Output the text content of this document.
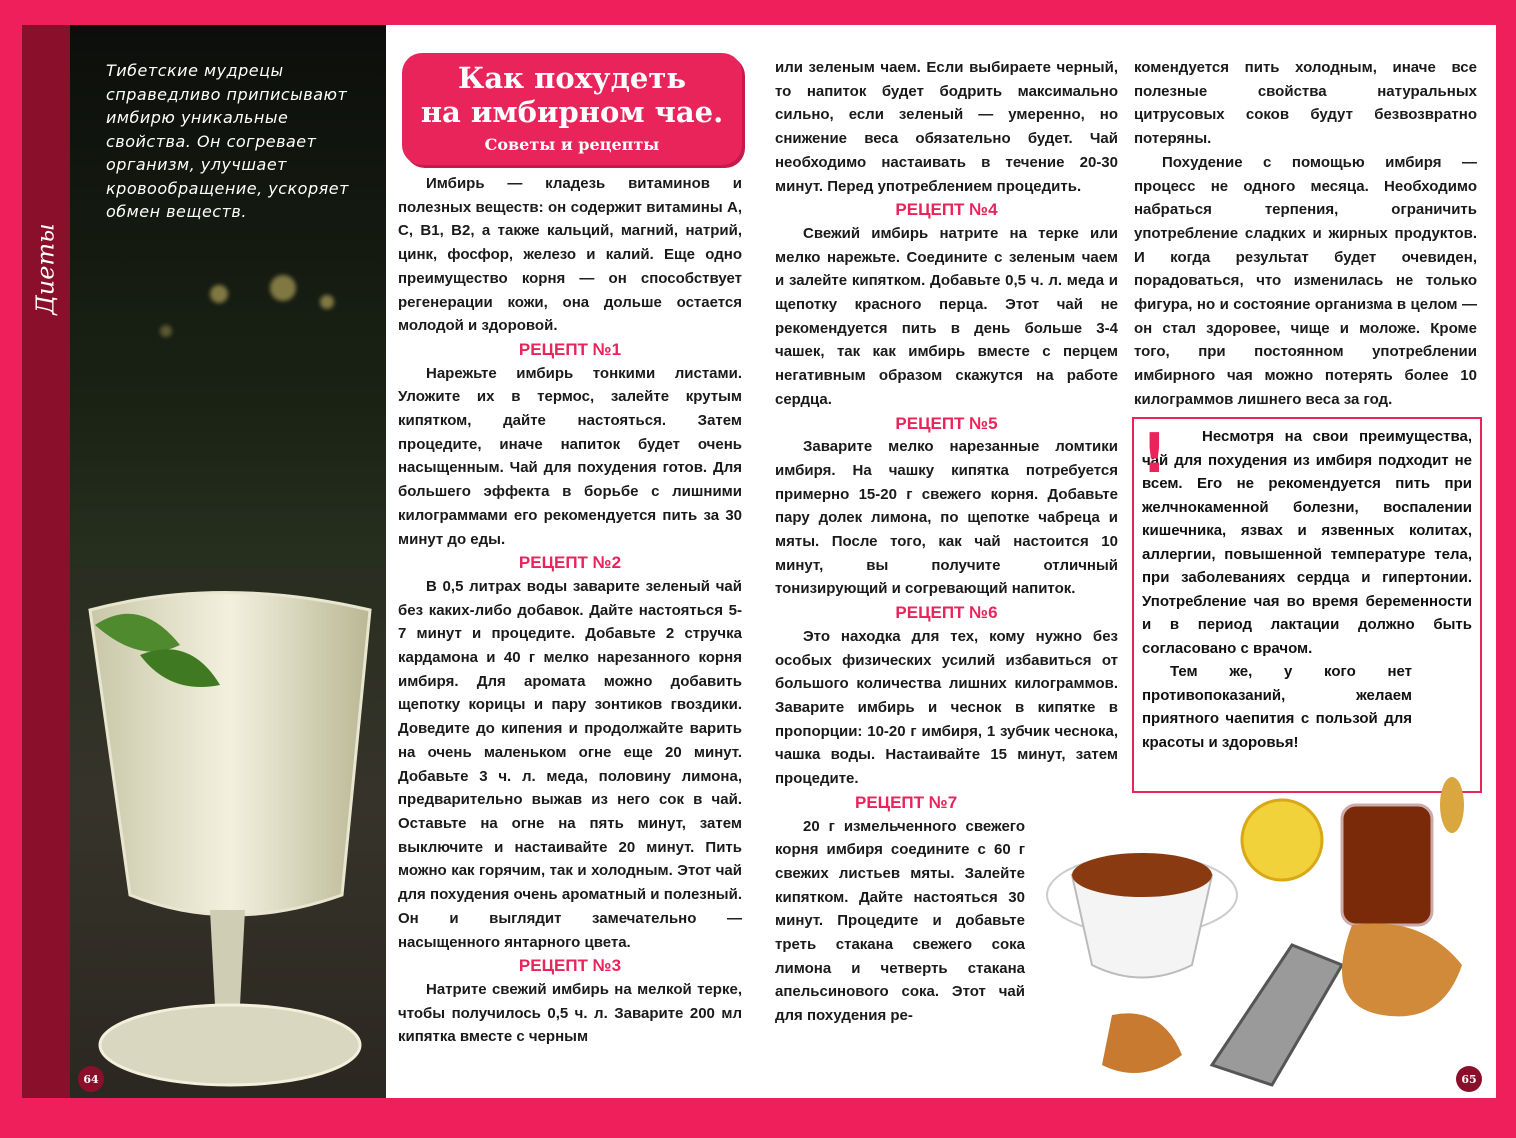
Диеты
Тибетские мудрецы справедливо приписывают имбирю уникальные свойства. Он согревает организм, улучшает кровообращение, ускоряет обмен веществ.
64
Как похудеть
на имбирном чае.
Советы и рецепты

Имбирь — кладезь витаминов и полезных веществ: он содержит витамины А, С, B1, B2, а также кальций, магний, натрий, цинк, фосфор, железо и калий. Еще одно преимущество корня — он способствует регенерации кожи, она дольше остается молодой и здоровой.

РЕЦЕПТ №1

Нарежьте имбирь тонкими листами. Уложите их в термос, залейте крутым кипятком, дайте настояться. Затем процедите, иначе напиток будет очень насыщенным. Чай для похудения готов. Для большего эффекта в борьбе с лишними килограммами его рекомендуется пить за 30 минут до еды.

РЕЦЕПТ №2

В 0,5 литрах воды заварите зеленый чай без каких-либо добавок. Дайте настояться 5-7 минут и процедите. Добавьте 2 стручка кардамона и 40 г мелко нарезанного корня имбиря. Для аромата можно добавить щепотку корицы и пару зонтиков гвоздики. Доведите до кипения и продолжайте варить на очень маленьком огне еще 20 минут. Добавьте 3 ч. л. меда, половину лимона, предварительно выжав из него сок в чай. Оставьте на огне на пять минут, затем выключите и настаивайте 20 минут. Пить можно как горячим, так и холодным. Этот чай для похудения очень ароматный и полезный. Он и выглядит замечательно — насыщенного янтарного цвета.

РЕЦЕПТ №3

Натрите свежий имбирь на мелкой терке, чтобы получилось 0,5 ч. л. Заварите 200 мл кипятка вместе с черным

или зеленым чаем. Если выбираете черный, то напиток будет бодрить максимально сильно, если зеленый — умеренно, но снижение веса обязательно будет. Чай необходимо настаивать в течение 20-30 минут. Перед употреблением процедить.

РЕЦЕПТ №4

Свежий имбирь натрите на терке или мелко нарежьте. Соедините с зеленым чаем и залейте кипятком. Добавьте 0,5 ч. л. меда и щепотку красного перца. Этот чай не рекомендуется пить в день больше 3-4 чашек, так как имбирь вместе с перцем негативным образом скажутся на работе сердца.

РЕЦЕПТ №5

Заварите мелко нарезанные ломтики имбиря. На чашку кипятка потребуется примерно 15-20 г свежего корня. Добавьте пару долек лимона, по щепотке чабреца и мяты. После того, как чай настоится 10 минут, вы получите отличный тонизирующий и согревающий напиток.

РЕЦЕПТ №6

Это находка для тех, кому нужно без особых физических усилий избавиться от большого количества лишних килограммов. Заварите имбирь и чеснок в кипятке в пропорции: 10-20 г имбиря, 1 зубчик чеснока, чашка воды. Настаивайте 15 минут, затем процедите.

РЕЦЕПТ №7

20 г измельченного свежего корня имбиря соедините с 60 г свежих листьев мяты. Залейте кипятком. Дайте настояться 30 минут. Процедите и добавьте треть стакана свежего сока лимона и четверть стакана апельсинового сока. Этот чай для похудения ре-

комендуется пить холодным, иначе все полезные свойства натуральных цитрусовых соков будут безвозвратно потеряны.

Похудение с помощью имбиря — процесс не одного месяца. Необходимо набраться терпения, ограничить употребление сладких и жирных продуктов. И когда результат будет очевиден, порадоваться, что изменилась не только фигура, но и состояние организма в целом — он стал здоровее, чище и моложе. Кроме того, при постоянном употреблении имбирного чая можно потерять более 10 килограммов лишнего веса за год.

Несмотря на свои преимущества, чай для похудения из имбиря подходит не всем. Его не рекомендуется пить при желчнокаменной болезни, воспалении кишечника, язвах и язвенных колитах, аллергии, повышенной температуре тела, при заболеваниях сердца и гипертонии. Употребление чая во время беременности и в период лактации должно быть согласовано с врачом.

Тем же, у кого нет противопоказаний, желаем приятного чаепития с пользой для красоты и здоровья!

!
65
